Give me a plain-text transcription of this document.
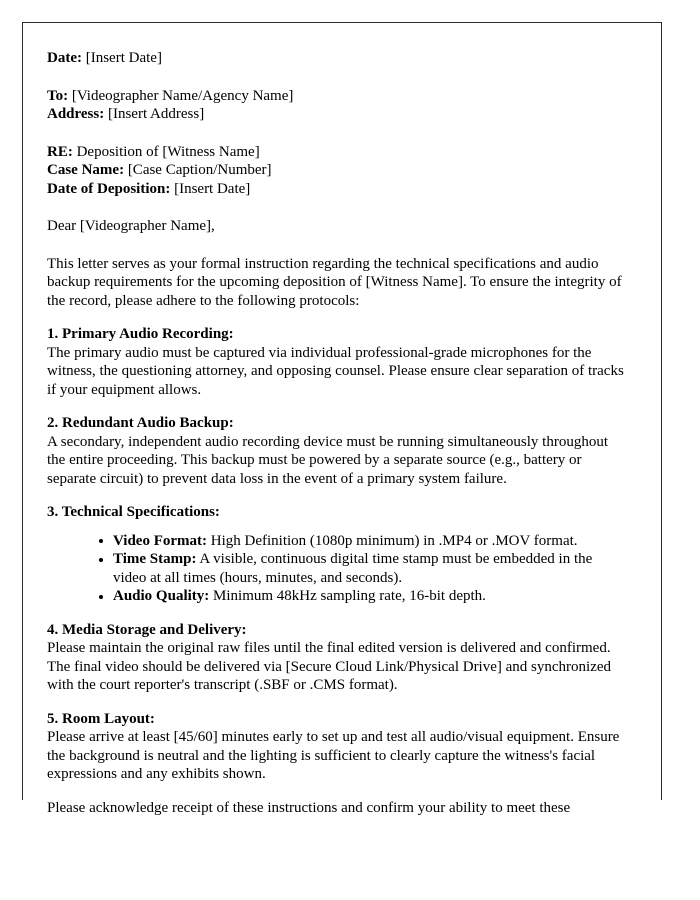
Date: [Insert Date]
To: [Videographer Name/Agency Name]
Address: [Insert Address]
RE: Deposition of [Witness Name]
Case Name: [Case Caption/Number]
Date of Deposition: [Insert Date]
Dear [Videographer Name],
This letter serves as your formal instruction regarding the technical specifications and audio backup requirements for the upcoming deposition of [Witness Name]. To ensure the integrity of the record, please adhere to the following protocols:
1. Primary Audio Recording:
The primary audio must be captured via individual professional-grade microphones for the witness, the questioning attorney, and opposing counsel. Please ensure clear separation of tracks if your equipment allows.
2. Redundant Audio Backup:
A secondary, independent audio recording device must be running simultaneously throughout the entire proceeding. This backup must be powered by a separate source (e.g., battery or separate circuit) to prevent data loss in the event of a primary system failure.
3. Technical Specifications:
Video Format: High Definition (1080p minimum) in .MP4 or .MOV format.
Time Stamp: A visible, continuous digital time stamp must be embedded in the video at all times (hours, minutes, and seconds).
Audio Quality: Minimum 48kHz sampling rate, 16-bit depth.
4. Media Storage and Delivery:
Please maintain the original raw files until the final edited version is delivered and confirmed. The final video should be delivered via [Secure Cloud Link/Physical Drive] and synchronized with the court reporter's transcript (.SBF or .CMS format).
5. Room Layout:
Please arrive at least [45/60] minutes early to set up and test all audio/visual equipment. Ensure the background is neutral and the lighting is sufficient to clearly capture the witness's facial expressions and any exhibits shown.
Please acknowledge receipt of these instructions and confirm your ability to meet these
